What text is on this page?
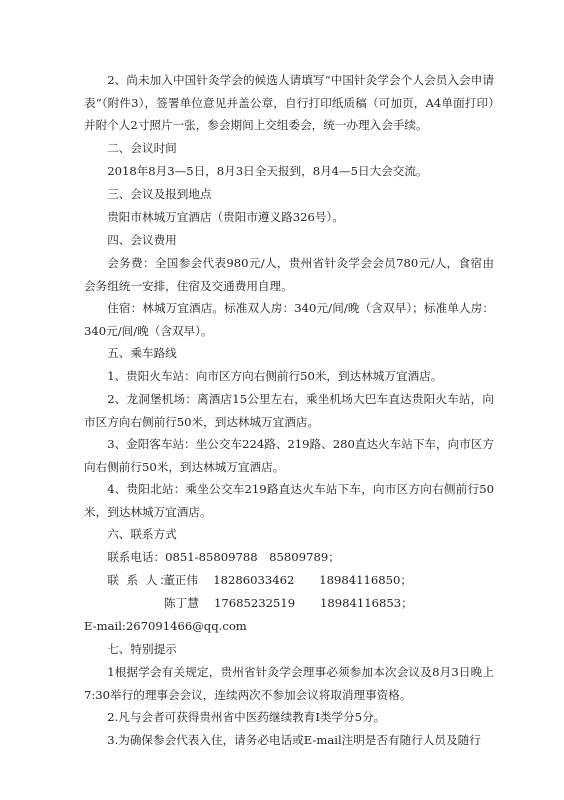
2、尚未加入中国针灸学会的候选人请填写“中国针灸学会个人会员入会申请表”（附件3），签署单位意见并盖公章，自行打印纸质稿（可加页，A4单面打印）并附个人2寸照片一张，参会期间上交组委会，统一办理入会手续。
二、会议时间
2018年8月3—5日，8月3日全天报到，8月4—5日大会交流。
三、会议及报到地点
贵阳市林城万宜酒店（贵阳市遵义路326号）。
四、会议费用
会务费：全国参会代表980元/人，贵州省针灸学会会员780元/人，食宿由会务组统一安排，住宿及交通费用自理。
住宿：林城万宜酒店。标准双人房：340元/间/晚（含双早）；标准单人房：340元/间/晚（含双早）。
五、乘车路线
1、贵阳火车站：向市区方向右侧前行50米，到达林城万宜酒店。
2、龙洞堡机场：离酒店15公里左右，乘坐机场大巴车直达贵阳火车站，向市区方向右侧前行50米，到达林城万宜酒店。
3、金阳客车站：坐公交车224路、219路、280直达火车站下车，向市区方向右侧前行50米，到达林城万宜酒店。
4、贵阳北站：乘坐公交车219路直达火车站下车，向市区方向右侧前行50米，到达林城万宜酒店。
六、联系方式
联系电话：0851-85809788　85809789；
联 系 人：董正伟 18286033462 18984116850；
陈丁慧 17685232519 18984116853；
E-mail:267091466@qq.com
七、特别提示
1根据学会有关规定，贵州省针灸学会理事必须参加本次会议及8月3日晚上7:30举行的理事会会议，连续两次不参加会议将取消理事资格。
2.凡与会者可获得贵州省中医药继续教育Ⅰ类学分5分。
3.为确保参会代表入住，请务必电话或E-mail注明是否有随行人员及随行
